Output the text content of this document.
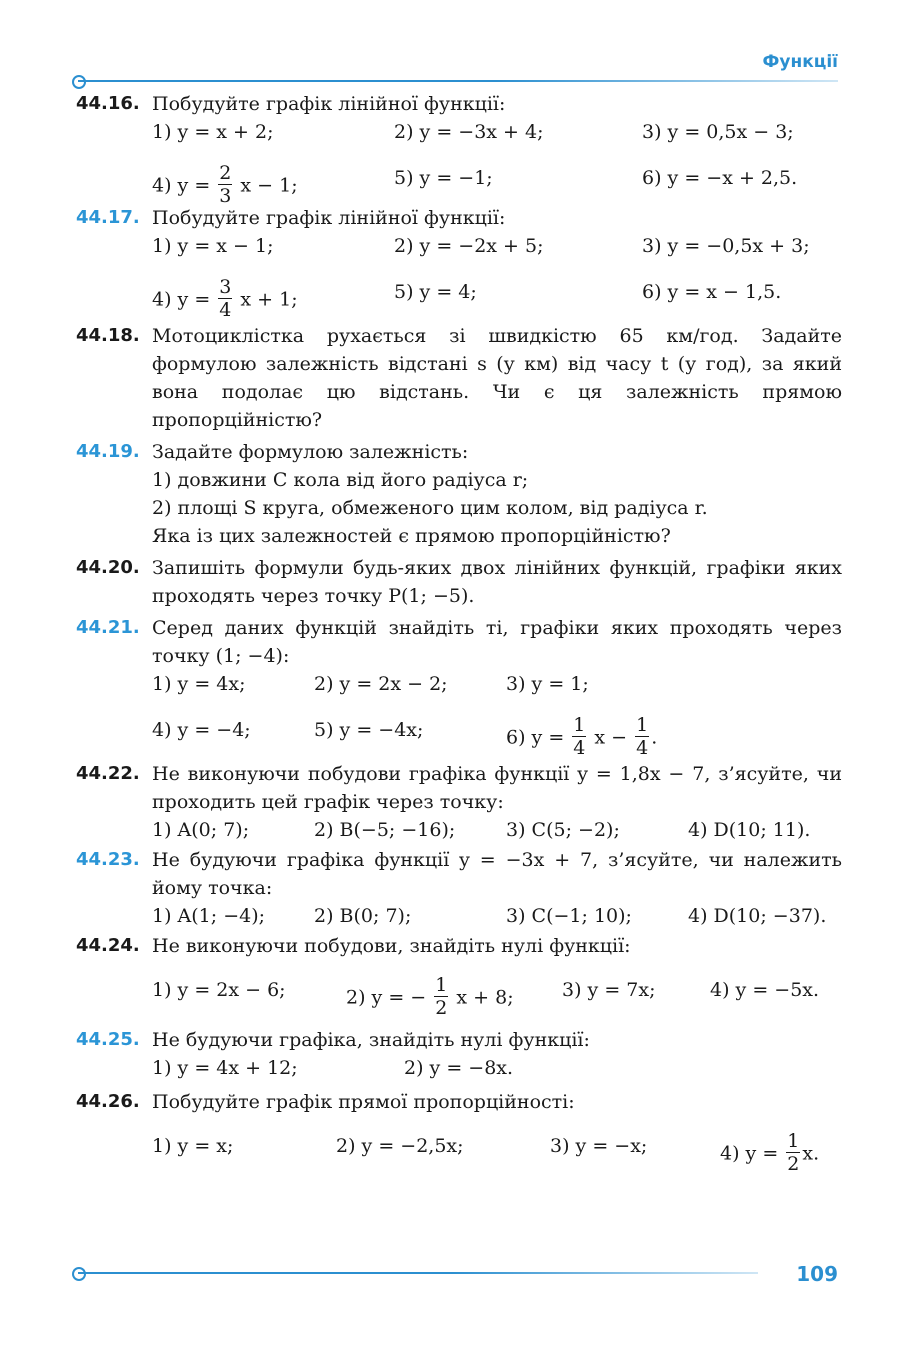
Функції
44.16. Побудуйте графік лінійної функції:
1) y = x + 2;	2) y = −3x + 4;	3) y = 0,5x − 3;
4) $y = \frac{2}{3}$ x − 1;	5) y = −1;	6) y = −x + 2,5.
44.17. Побудуйте графік лінійної функції:
1) y = x − 1;	2) y = −2x + 5;	3) y = −0,5x + 3;
4) $y = \frac{3}{4}$ x + 1;	5) y = 4;	6) y = x − 1,5.
44.18. Мотоциклістка рухається зі швидкістю 65 км/год. Задайте формулою залежність відстані s (у км) від часу t (у год), за який вона подолає цю відстань. Чи є ця залежність прямою пропорційністю?
44.19. Задайте формулою залежність:
1) довжини C кола від його радіуса r;
2) площі S круга, обмеженого цим колом, від радіуса r.
Яка із цих залежностей є прямою пропорційністю?
44.20. Запишіть формули будь-яких двох лінійних функцій, графіки яких проходять через точку P(1; −5).
44.21. Серед даних функцій знайдіть ті, графіки яких проходять через точку (1; −4):
1) y = 4x;	2) y = 2x − 2;	3) y = 1;
4) y = −4;	5) y = −4x;	6) $y = \frac{1}{4}$ $x - \frac{1}{4}$ .
44.22. Не виконуючи побудови графіка функції y = 1,8x − 7, з’ясуйте, чи проходить цей графік через точку:
1) A(0; 7);	2) B(−5; −16);	3) C(5; −2);	4) D(10; 11).
44.23. Не будуючи графіка функції y = −3x + 7, з’ясуйте, чи належить йому точка:
1) A(1; −4);	2) B(0; 7);	3) C(−1; 10);	4) D(10; −37).
44.24. Не виконуючи побудови, знайдіть нулі функції:
1) y = 2x − 6;	2) y = − $\frac{1}{2}$ x + 8;	3) y = 7x;	4) y = −5x.
44.25. Не будуючи графіка, знайдіть нулі функції:
1) y = 4x + 12;	2) y = −8x.
44.26. Побудуйте графік прямої пропорційності:
1) y = x;	2) y = −2,5x;	3) y = −x;	4) $y = \frac{1}{2} x$.
109
